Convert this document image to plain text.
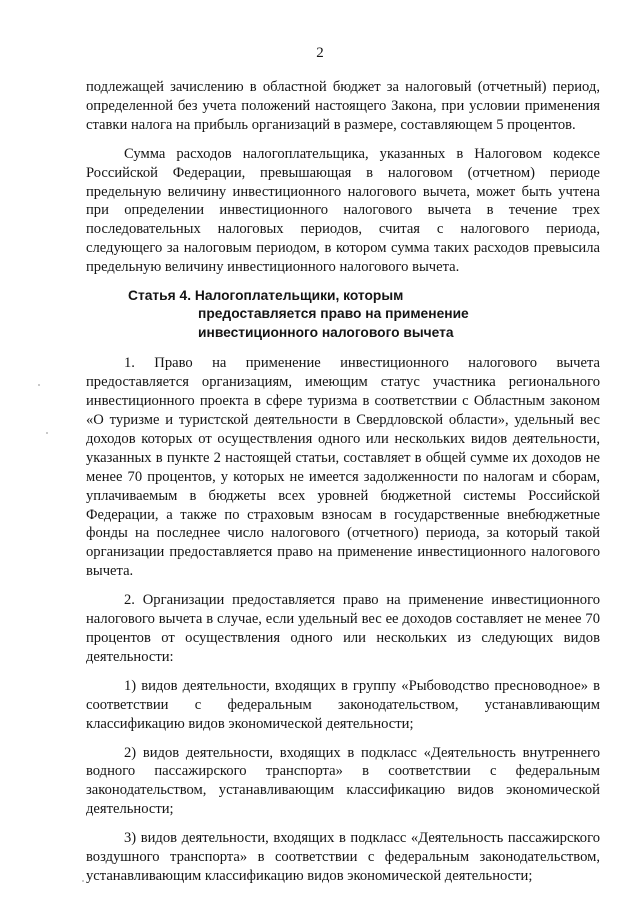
2

подлежащей зачислению в областной бюджет за налоговый (отчетный) период, определенной без учета положений настоящего Закона, при условии применения ставки налога на прибыль организаций в размере, составляющем 5 процентов.

Сумма расходов налогоплательщика, указанных в Налоговом кодексе Российской Федерации, превышающая в налоговом (отчетном) периоде предельную величину инвестиционного налогового вычета, может быть учтена при определении инвестиционного налогового вычета в течение трех последовательных налоговых периодов, считая с налогового периода, следующего за налоговым периодом, в котором сумма таких расходов превысила предельную величину инвестиционного налогового вычета.

Статья 4. Налогоплательщики, которым
предоставляется право на применение
инвестиционного налогового вычета

1. Право на применение инвестиционного налогового вычета предоставляется организациям, имеющим статус участника регионального инвестиционного проекта в сфере туризма в соответствии с Областным законом «О туризме и туристской деятельности в Свердловской области», удельный вес доходов которых от осуществления одного или нескольких видов деятельности, указанных в пункте 2 настоящей статьи, составляет в общей сумме их доходов не менее 70 процентов, у которых не имеется задолженности по налогам и сборам, уплачиваемым в бюджеты всех уровней бюджетной системы Российской Федерации, а также по страховым взносам в государственные внебюджетные фонды на последнее число налогового (отчетного) периода, за который такой организации предоставляется право на применение инвестиционного налогового вычета.

2. Организации предоставляется право на применение инвестиционного налогового вычета в случае, если удельный вес ее доходов составляет не менее 70 процентов от осуществления одного или нескольких из следующих видов деятельности:

1) видов деятельности, входящих в группу «Рыбоводство пресноводное» в соответствии с федеральным законодательством, устанавливающим классификацию видов экономической деятельности;

2) видов деятельности, входящих в подкласс «Деятельность внутреннего водного пассажирского транспорта» в соответствии с федеральным законодательством, устанавливающим классификацию видов экономической деятельности;

3) видов деятельности, входящих в подкласс «Деятельность пассажирского воздушного транспорта» в соответствии с федеральным законодательством, устанавливающим классификацию видов экономической деятельности;
